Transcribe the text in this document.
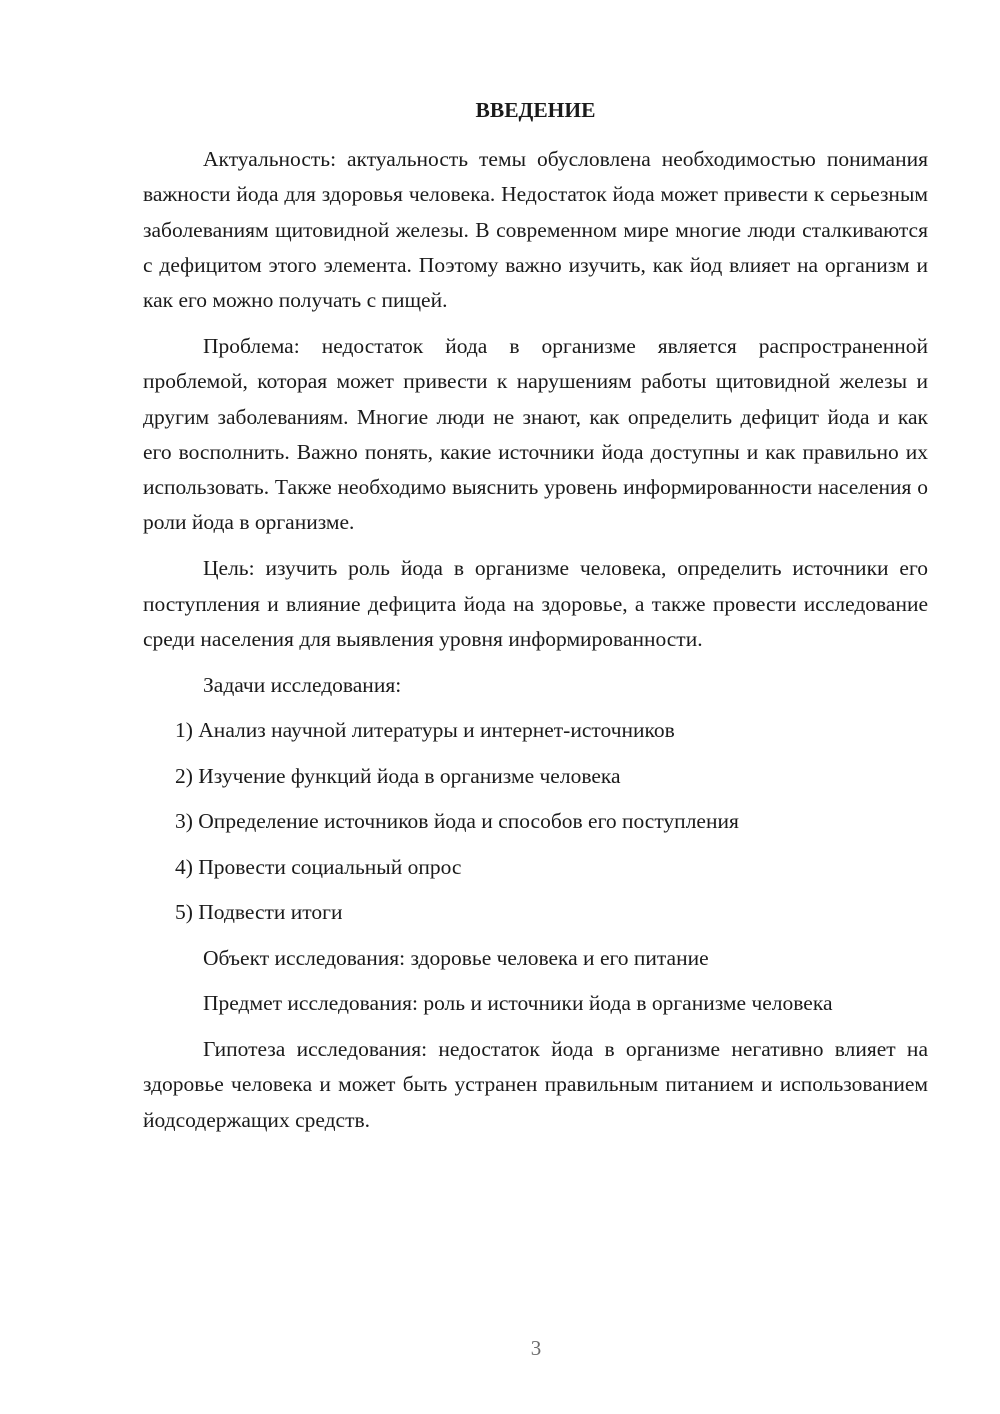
ВВЕДЕНИЕ

Актуальность: актуальность темы обусловлена необходимостью понимания важности йода для здоровья человека. Недостаток йода может привести к серьезным заболеваниям щитовидной железы. В современном мире многие люди сталкиваются с дефицитом этого элемента. Поэтому важно изучить, как йод влияет на организм и как его можно получать с пищей.

Проблема: недостаток йода в организме является распространенной проблемой, которая может привести к нарушениям работы щитовидной железы и другим заболеваниям. Многие люди не знают, как определить дефицит йода и как его восполнить. Важно понять, какие источники йода доступны и как правильно их использовать. Также необходимо выяснить уровень информированности населения о роли йода в организме.

Цель: изучить роль йода в организме человека, определить источники его поступления и влияние дефицита йода на здоровье, а также провести исследование среди населения для выявления уровня информированности.

Задачи исследования:

1) Анализ научной литературы и интернет-источников
2) Изучение функций йода в организме человека
3) Определение источников йода и способов его поступления
4) Провести социальный опрос
5) Подвести итоги

Объект исследования: здоровье человека и его питание

Предмет исследования: роль и источники йода в организме человека

Гипотеза исследования: недостаток йода в организме негативно влияет на здоровье человека и может быть устранен правильным питанием и использованием йодсодержащих средств.

3
